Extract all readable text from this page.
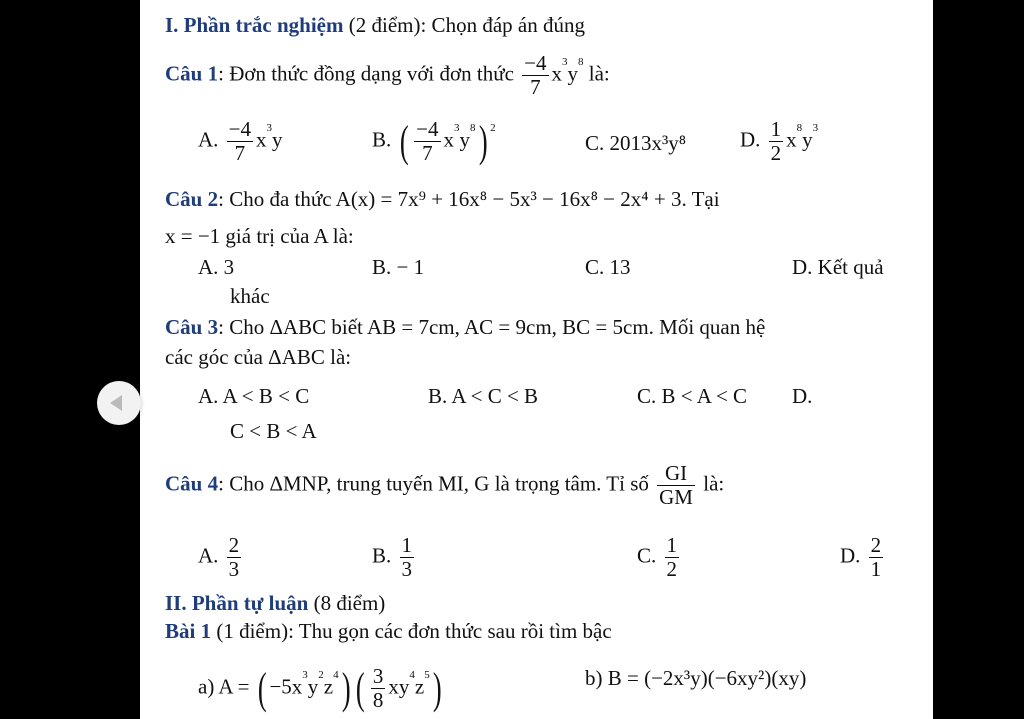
I. Phần trắc nghiệm (2 điểm): Chọn đáp án đúng
Câu 1: Đơn thức đồng dạng với đơn thức $\frac{-4}{7} x^3y^8$ là:
A. $\frac{-4}{7} x^3y$	B. ( $\frac{-4}{7} x^3y^8$) $^2$
C. 2013x³y⁸	D. $\frac{1}{2} x^8y^3$
Câu 2: Cho đa thức A(x) = 7x⁹ + 16x⁸ − 5x³ − 16x⁸ − 2x⁴ + 3. Tại
x = −1 giá trị của A là:
A. 3	B. − 1	C. 13	D. Kết quả
khác
Câu 3: Cho ΔABC biết AB = 7cm, AC = 9cm, BC = 5cm. Mối quan hệ
các góc của ΔABC là:
A. A < B < C	B. A < C < B	C. B < A < C D.
C < B < A
Câu 4: Cho ΔMNP, trung tuyến MI, G là trọng tâm. Tỉ số $\frac{GI}{GM}$ là:
A. $\frac{2}{3}$	B. $\frac{1}{3}$	C. $\frac{1}{2}$	D. $\frac{2}{1}$
II. Phần tự luận (8 điểm)
Bài 1 (1 điểm): Thu gọn các đơn thức sau rồi tìm bậc
a) A = ( $-5x^3y^2z^4$) ( $\frac{3}{8} xy^4z^5$)	b) B = (−2x³y)(−6xy²)(xy)
